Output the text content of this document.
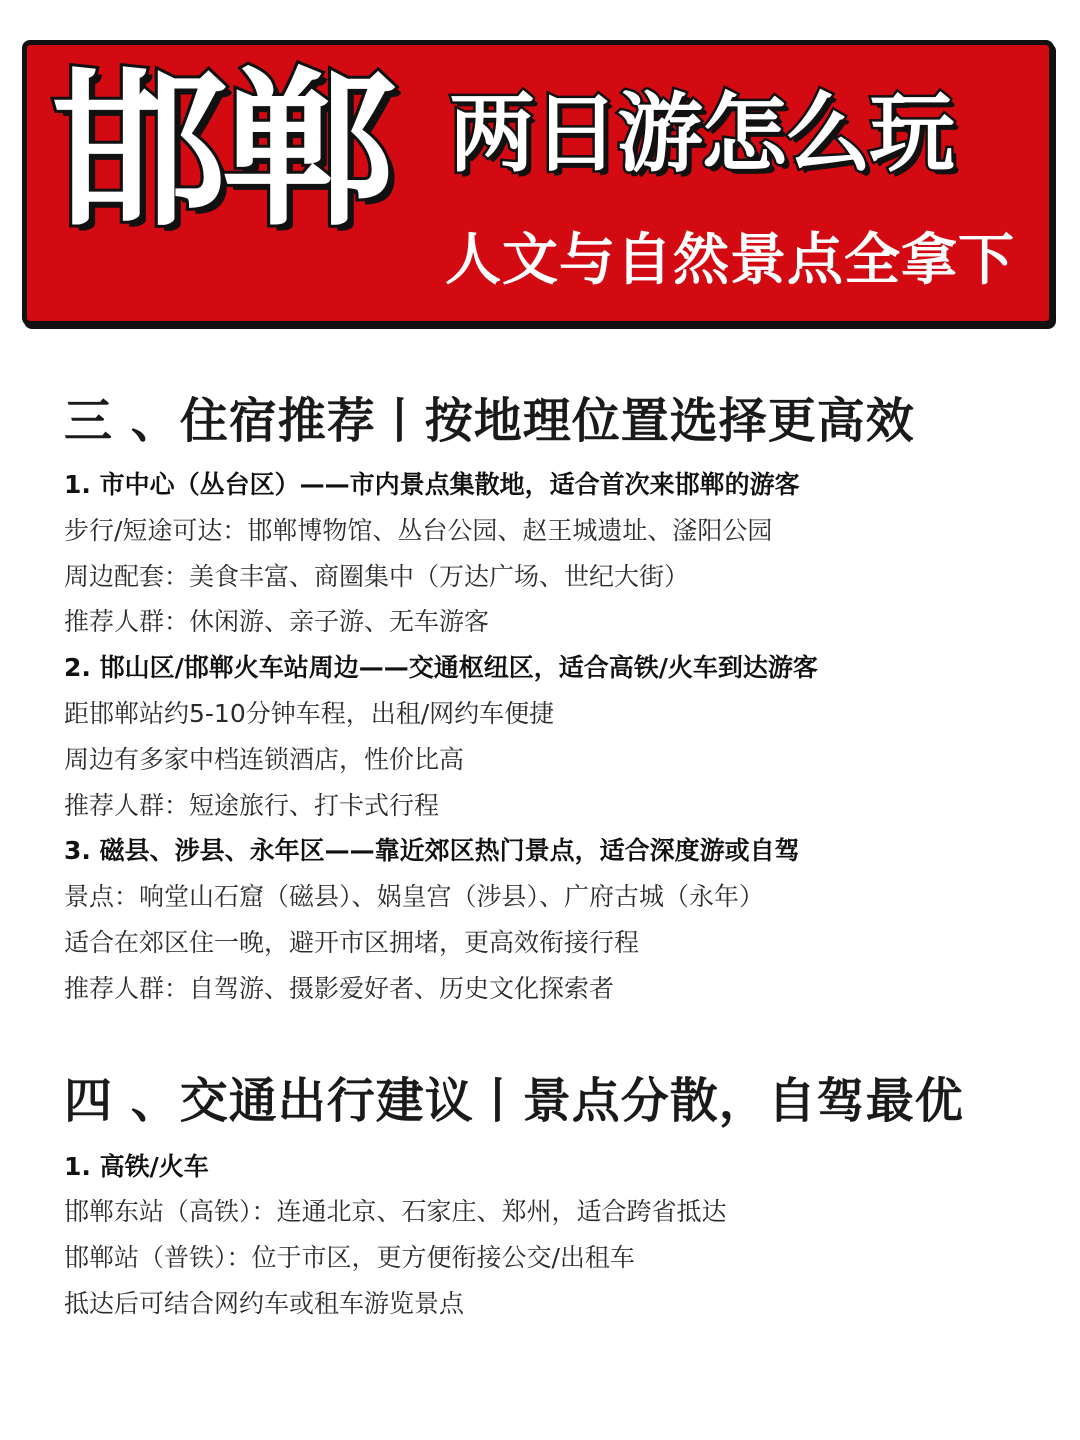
邯郸 两日游怎么玩
人文与自然景点全拿下
三 、住宿推荐丨按地理位置选择更高效
1. 市中心（丛台区）——市内景点集散地，适合首次来邯郸的游客
步行/短途可达：邯郸博物馆、丛台公园、赵王城遗址、滏阳公园
周边配套：美食丰富、商圈集中（万达广场、世纪大街）
推荐人群：休闲游、亲子游、无车游客
2. 邯山区/邯郸火车站周边——交通枢纽区，适合高铁/火车到达游客
距邯郸站约5-10分钟车程，出租/网约车便捷
周边有多家中档连锁酒店，性价比高
推荐人群：短途旅行、打卡式行程
3. 磁县、涉县、永年区——靠近郊区热门景点，适合深度游或自驾
景点：响堂山石窟（磁县）、娲皇宫（涉县）、广府古城（永年）
适合在郊区住一晚，避开市区拥堵，更高效衔接行程
推荐人群：自驾游、摄影爱好者、历史文化探索者
四 、交通出行建议丨景点分散，自驾最优
1. 高铁/火车
邯郸东站（高铁）：连通北京、石家庄、郑州，适合跨省抵达
邯郸站（普铁）：位于市区，更方便衔接公交/出租车
抵达后可结合网约车或租车游览景点
